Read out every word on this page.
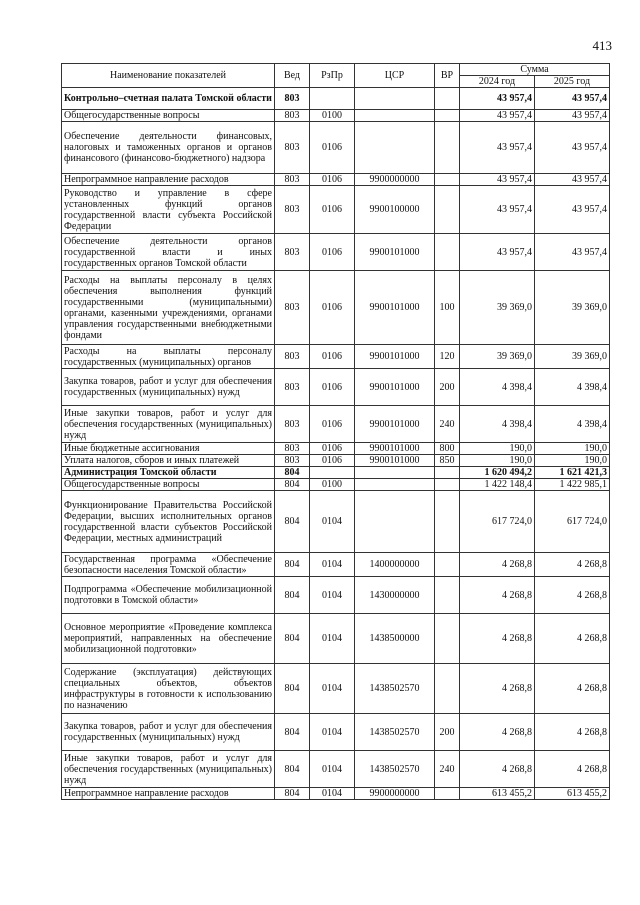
413
Наименование показателей	Вед	РзПр	ЦСР	ВР	Сумма	
					2024 год	2025 год
Контрольно–счетная палата Томской области	803				43 957,4	43 957,4
Общегосударственные вопросы	803	0100			43 957,4	43 957,4
Обеспечение деятельности финансовых, налоговых и таможенных органов и органов финансового (финансово-бюджетного) надзора	803	0106			43 957,4	43 957,4
Непрограммное направление расходов	803	0106	9900000000		43 957,4	43 957,4
Руководство и управление в сфере установленных функций органов государственной власти субъекта Российской Федерации	803	0106	9900100000		43 957,4	43 957,4
Обеспечение деятельности органов государственной власти и иных государственных органов Томской области	803	0106	9900101000		43 957,4	43 957,4
Расходы на выплаты персоналу в целях обеспечения выполнения функций государственными (муниципальными) органами, казенными учреждениями, органами управления государственными внебюджетными фондами	803	0106	9900101000	100	39 369,0	39 369,0
Расходы на выплаты персоналу государственных (муниципальных) органов	803	0106	9900101000	120	39 369,0	39 369,0
Закупка товаров, работ и услуг для обеспечения государственных (муниципальных) нужд	803	0106	9900101000	200	4 398,4	4 398,4
Иные закупки товаров, работ и услуг для обеспечения государственных (муниципальных) нужд	803	0106	9900101000	240	4 398,4	4 398,4
Иные бюджетные ассигнования	803	0106	9900101000	800	190,0	190,0
Уплата налогов, сборов и иных платежей	803	0106	9900101000	850	190,0	190,0
Администрация Томской области	804				1 620 494,2	1 621 421,3
Общегосударственные вопросы	804	0100			1 422 148,4	1 422 985,1
Функционирование Правительства Российской Федерации, высших исполнительных органов государственной власти субъектов Российской Федерации, местных администраций	804	0104			617 724,0	617 724,0
Государственная программа «Обеспечение безопасности населения Томской области»	804	0104	1400000000		4 268,8	4 268,8
Подпрограмма «Обеспечение мобилизационной подготовки в Томской области»	804	0104	1430000000		4 268,8	4 268,8
Основное мероприятие «Проведение комплекса мероприятий, направленных на обеспечение мобилизационной подготовки»	804	0104	1438500000		4 268,8	4 268,8
Содержание (эксплуатация) действующих специальных объектов, объектов инфраструктуры в готовности к использованию по назначению	804	0104	1438502570		4 268,8	4 268,8
Закупка товаров, работ и услуг для обеспечения государственных (муниципальных) нужд	804	0104	1438502570	200	4 268,8	4 268,8
Иные закупки товаров, работ и услуг для обеспечения государственных (муниципальных) нужд	804	0104	1438502570	240	4 268,8	4 268,8
Непрограммное направление расходов	804	0104	9900000000		613 455,2	613 455,2
